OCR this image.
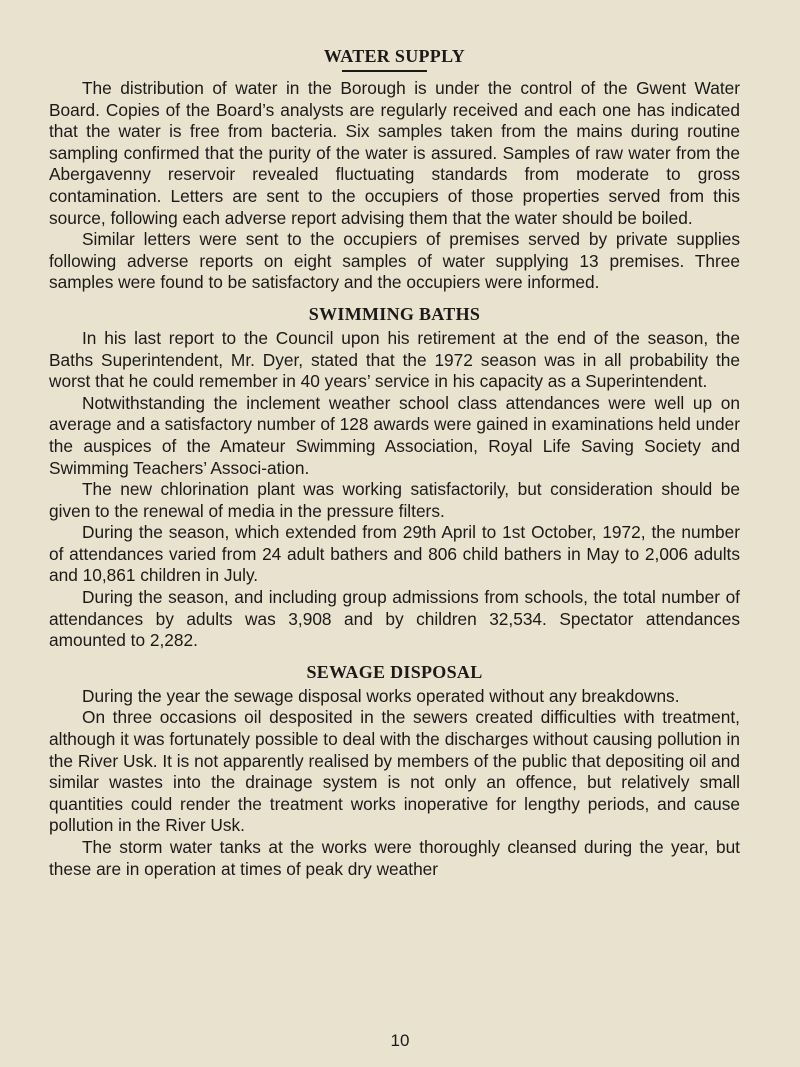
WATER SUPPLY

The distribution of water in the Borough is under the control of the Gwent Water Board. Copies of the Board’s analysts are regularly received and each one has indicated that the water is free from bacteria. Six samples taken from the mains during routine sampling confirmed that the purity of the water is assured. Samples of raw water from the Abergavenny reservoir revealed fluctuating standards from moderate to gross contamination. Letters are sent to the occupiers of those properties served from this source, following each adverse report advising them that the water should be boiled.

Similar letters were sent to the occupiers of premises served by private supplies following adverse reports on eight samples of water supplying 13 premises. Three samples were found to be satisfactory and the occupiers were informed.

SWIMMING BATHS

In his last report to the Council upon his retirement at the end of the season, the Baths Superintendent, Mr. Dyer, stated that the 1972 season was in all probability the worst that he could remember in 40 years’ service in his capacity as a Superintendent.

Notwithstanding the inclement weather school class attendances were well up on average and a satisfactory number of 128 awards were gained in examinations held under the auspices of the Amateur Swimming Association, Royal Life Saving Society and Swimming Teachers’ Associ-ation.

The new chlorination plant was working satisfactorily, but consideration should be given to the renewal of media in the pressure filters.

During the season, which extended from 29th April to 1st October, 1972, the number of attendances varied from 24 adult bathers and 806 child bathers in May to 2,006 adults and 10,861 children in July.

During the season, and including group admissions from schools, the total number of attendances by adults was 3,908 and by children 32,534. Spectator attendances amounted to 2,282.

SEWAGE DISPOSAL

During the year the sewage disposal works operated without any breakdowns.

On three occasions oil desposited in the sewers created difficulties with treatment, although it was fortunately possible to deal with the discharges without causing pollution in the River Usk. It is not apparently realised by members of the public that depositing oil and similar wastes into the drainage system is not only an offence, but relatively small quantities could render the treatment works inoperative for lengthy periods, and cause pollution in the River Usk.

The storm water tanks at the works were thoroughly cleansed during the year, but these are in operation at times of peak dry weather

10
